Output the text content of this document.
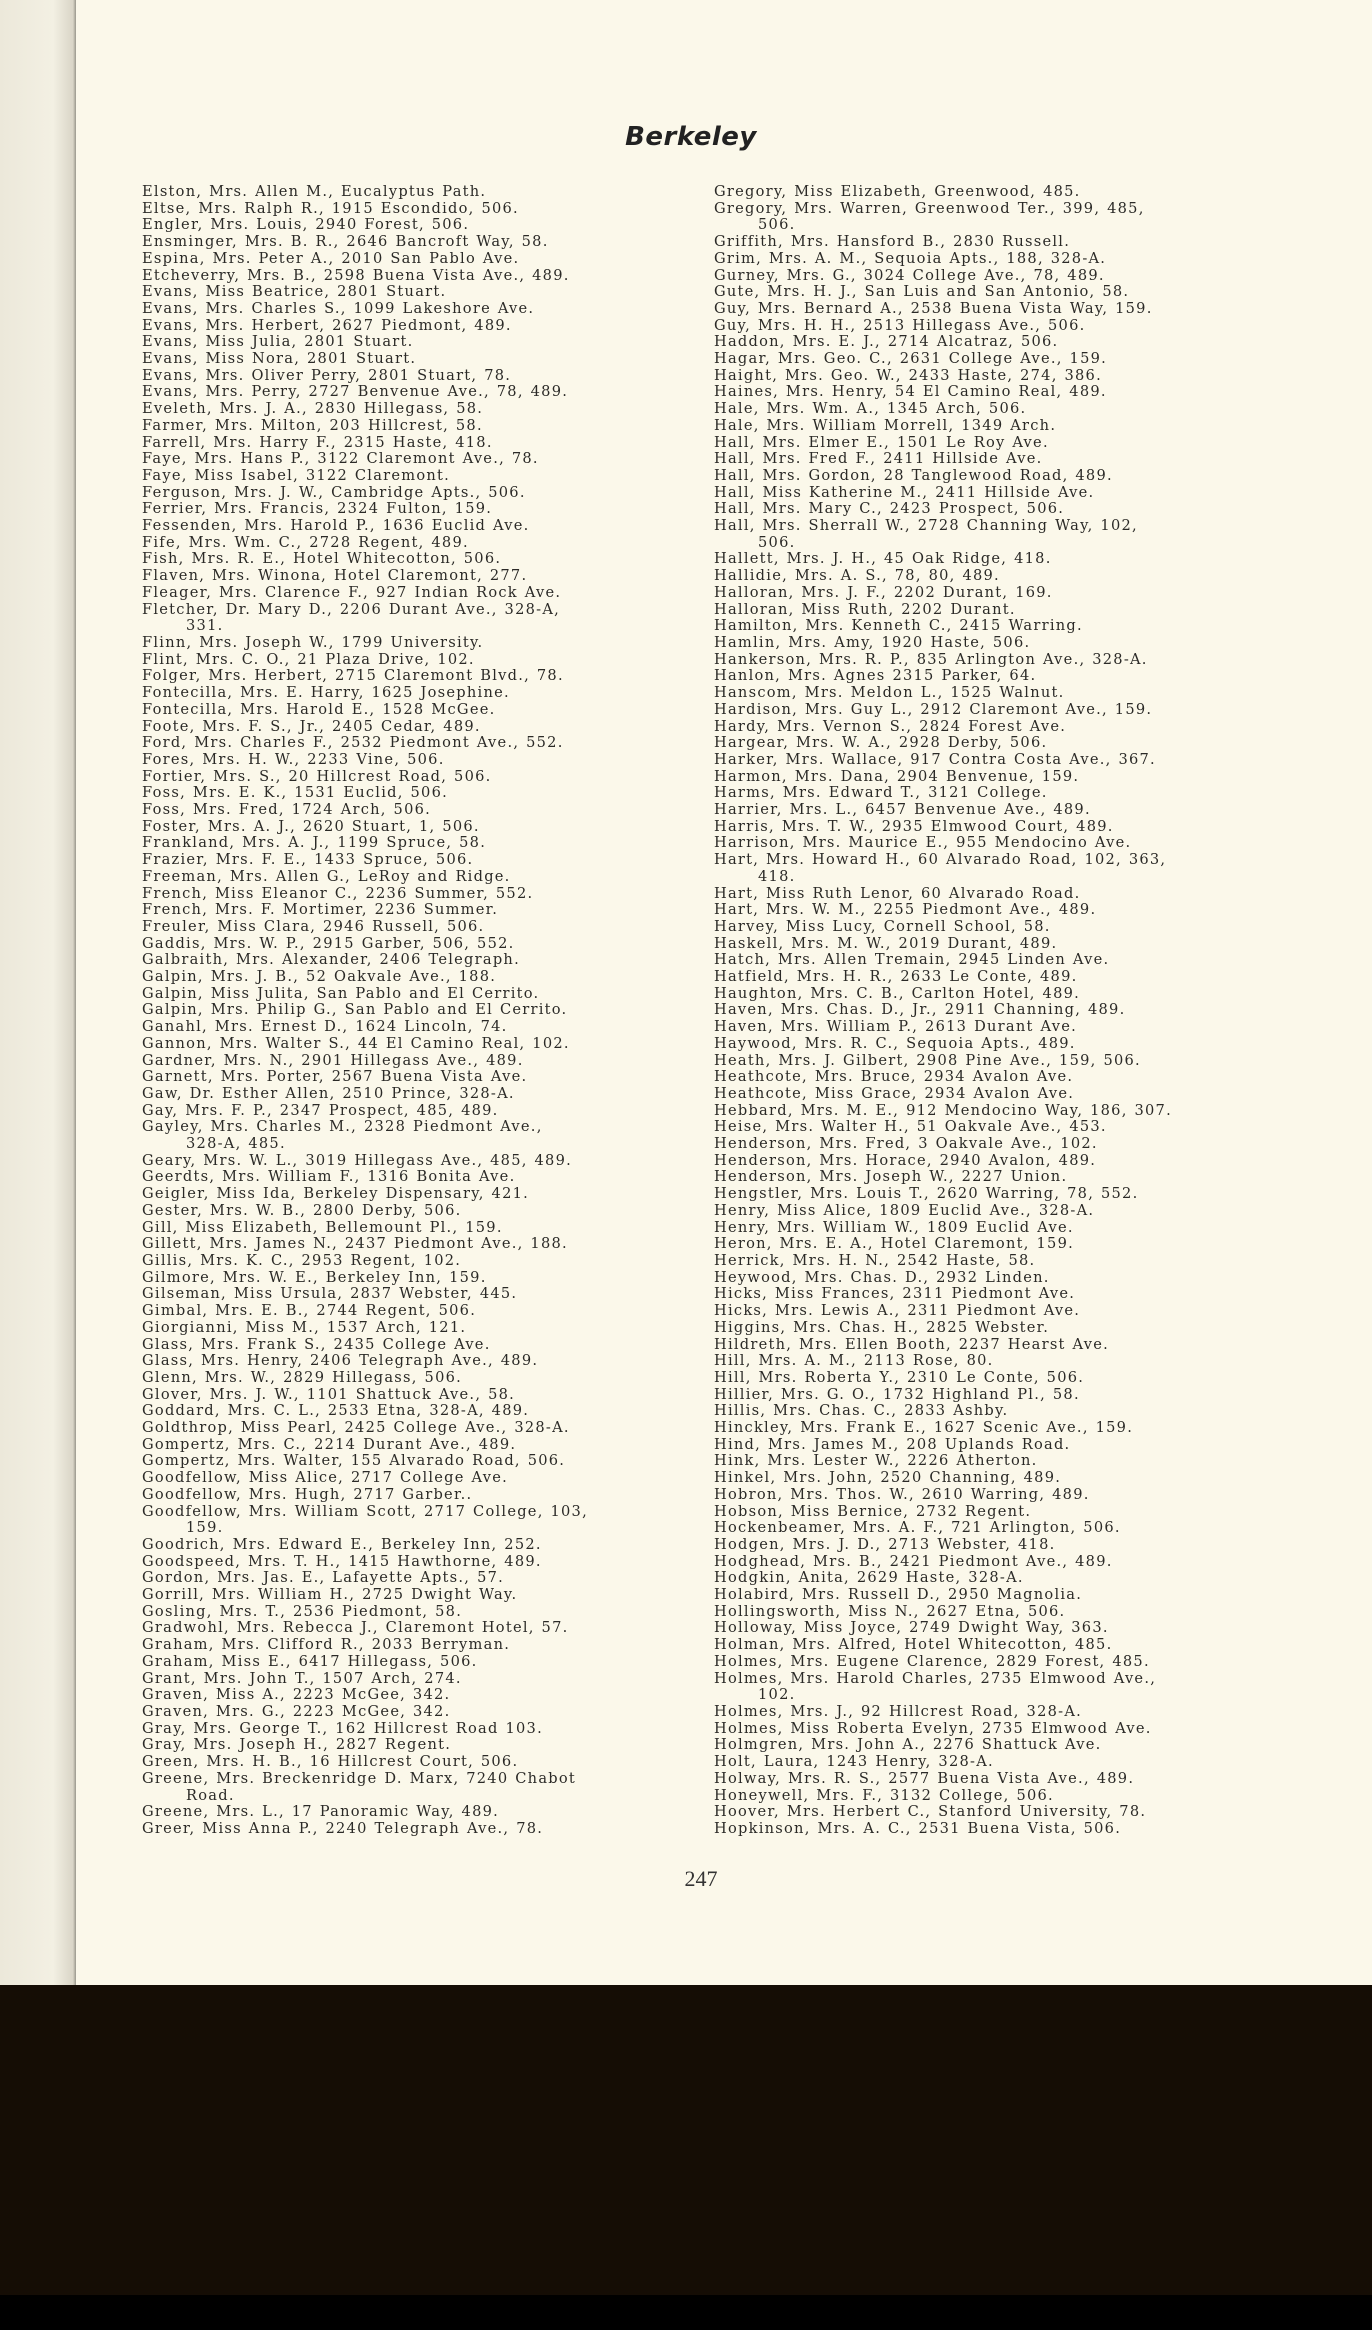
Berkeley
Elston, Mrs. Allen M., Eucalyptus Path.
Eltse, Mrs. Ralph R., 1915 Escondido, 506.
Engler, Mrs. Louis, 2940 Forest, 506.
Ensminger, Mrs. B. R., 2646 Bancroft Way, 58.
Espina, Mrs. Peter A., 2010 San Pablo Ave.
Etcheverry, Mrs. B., 2598 Buena Vista Ave., 489.
Evans, Miss Beatrice, 2801 Stuart.
Evans, Mrs. Charles S., 1099 Lakeshore Ave.
Evans, Mrs. Herbert, 2627 Piedmont, 489.
Evans, Miss Julia, 2801 Stuart.
Evans, Miss Nora, 2801 Stuart.
Evans, Mrs. Oliver Perry, 2801 Stuart, 78.
Evans, Mrs. Perry, 2727 Benvenue Ave., 78, 489.
Eveleth, Mrs. J. A., 2830 Hillegass, 58.
Farmer, Mrs. Milton, 203 Hillcrest, 58.
Farrell, Mrs. Harry F., 2315 Haste, 418.
Faye, Mrs. Hans P., 3122 Claremont Ave., 78.
Faye, Miss Isabel, 3122 Claremont.
Ferguson, Mrs. J. W., Cambridge Apts., 506.
Ferrier, Mrs. Francis, 2324 Fulton, 159.
Fessenden, Mrs. Harold P., 1636 Euclid Ave.
Fife, Mrs. Wm. C., 2728 Regent, 489.
Fish, Mrs. R. E., Hotel Whitecotton, 506.
Flaven, Mrs. Winona, Hotel Claremont, 277.
Fleager, Mrs. Clarence F., 927 Indian Rock Ave.
Fletcher, Dr. Mary D., 2206 Durant Ave., 328-A,
331.
Flinn, Mrs. Joseph W., 1799 University.
Flint, Mrs. C. O., 21 Plaza Drive, 102.
Folger, Mrs. Herbert, 2715 Claremont Blvd., 78.
Fontecilla, Mrs. E. Harry, 1625 Josephine.
Fontecilla, Mrs. Harold E., 1528 McGee.
Foote, Mrs. F. S., Jr., 2405 Cedar, 489.
Ford, Mrs. Charles F., 2532 Piedmont Ave., 552.
Fores, Mrs. H. W., 2233 Vine, 506.
Fortier, Mrs. S., 20 Hillcrest Road, 506.
Foss, Mrs. E. K., 1531 Euclid, 506.
Foss, Mrs. Fred, 1724 Arch, 506.
Foster, Mrs. A. J., 2620 Stuart, 1, 506.
Frankland, Mrs. A. J., 1199 Spruce, 58.
Frazier, Mrs. F. E., 1433 Spruce, 506.
Freeman, Mrs. Allen G., LeRoy and Ridge.
French, Miss Eleanor C., 2236 Summer, 552.
French, Mrs. F. Mortimer, 2236 Summer.
Freuler, Miss Clara, 2946 Russell, 506.
Gaddis, Mrs. W. P., 2915 Garber, 506, 552.
Galbraith, Mrs. Alexander, 2406 Telegraph.
Galpin, Mrs. J. B., 52 Oakvale Ave., 188.
Galpin, Miss Julita, San Pablo and El Cerrito.
Galpin, Mrs. Philip G., San Pablo and El Cerrito.
Ganahl, Mrs. Ernest D., 1624 Lincoln, 74.
Gannon, Mrs. Walter S., 44 El Camino Real, 102.
Gardner, Mrs. N., 2901 Hillegass Ave., 489.
Garnett, Mrs. Porter, 2567 Buena Vista Ave.
Gaw, Dr. Esther Allen, 2510 Prince, 328-A.
Gay, Mrs. F. P., 2347 Prospect, 485, 489.
Gayley, Mrs. Charles M., 2328 Piedmont Ave.,
328-A, 485.
Geary, Mrs. W. L., 3019 Hillegass Ave., 485, 489.
Geerdts, Mrs. William F., 1316 Bonita Ave.
Geigler, Miss Ida, Berkeley Dispensary, 421.
Gester, Mrs. W. B., 2800 Derby, 506.
Gill, Miss Elizabeth, Bellemount Pl., 159.
Gillett, Mrs. James N., 2437 Piedmont Ave., 188.
Gillis, Mrs. K. C., 2953 Regent, 102.
Gilmore, Mrs. W. E., Berkeley Inn, 159.
Gilseman, Miss Ursula, 2837 Webster, 445.
Gimbal, Mrs. E. B., 2744 Regent, 506.
Giorgianni, Miss M., 1537 Arch, 121.
Glass, Mrs. Frank S., 2435 College Ave.
Glass, Mrs. Henry, 2406 Telegraph Ave., 489.
Glenn, Mrs. W., 2829 Hillegass, 506.
Glover, Mrs. J. W., 1101 Shattuck Ave., 58.
Goddard, Mrs. C. L., 2533 Etna, 328-A, 489.
Goldthrop, Miss Pearl, 2425 College Ave., 328-A.
Gompertz, Mrs. C., 2214 Durant Ave., 489.
Gompertz, Mrs. Walter, 155 Alvarado Road, 506.
Goodfellow, Miss Alice, 2717 College Ave.
Goodfellow, Mrs. Hugh, 2717 Garber..
Goodfellow, Mrs. William Scott, 2717 College, 103,
159.
Goodrich, Mrs. Edward E., Berkeley Inn, 252.
Goodspeed, Mrs. T. H., 1415 Hawthorne, 489.
Gordon, Mrs. Jas. E., Lafayette Apts., 57.
Gorrill, Mrs. William H., 2725 Dwight Way.
Gosling, Mrs. T., 2536 Piedmont, 58.
Gradwohl, Mrs. Rebecca J., Claremont Hotel, 57.
Graham, Mrs. Clifford R., 2033 Berryman.
Graham, Miss E., 6417 Hillegass, 506.
Grant, Mrs. John T., 1507 Arch, 274.
Graven, Miss A., 2223 McGee, 342.
Graven, Mrs. G., 2223 McGee, 342.
Gray, Mrs. George T., 162 Hillcrest Road 103.
Gray, Mrs. Joseph H., 2827 Regent.
Green, Mrs. H. B., 16 Hillcrest Court, 506.
Greene, Mrs. Breckenridge D. Marx, 7240 Chabot
Road.
Greene, Mrs. L., 17 Panoramic Way, 489.
Greer, Miss Anna P., 2240 Telegraph Ave., 78.
Gregory, Miss Elizabeth, Greenwood, 485.
Gregory, Mrs. Warren, Greenwood Ter., 399, 485,
506.
Griffith, Mrs. Hansford B., 2830 Russell.
Grim, Mrs. A. M., Sequoia Apts., 188, 328-A.
Gurney, Mrs. G., 3024 College Ave., 78, 489.
Gute, Mrs. H. J., San Luis and San Antonio, 58.
Guy, Mrs. Bernard A., 2538 Buena Vista Way, 159.
Guy, Mrs. H. H., 2513 Hillegass Ave., 506.
Haddon, Mrs. E. J., 2714 Alcatraz, 506.
Hagar, Mrs. Geo. C., 2631 College Ave., 159.
Haight, Mrs. Geo. W., 2433 Haste, 274, 386.
Haines, Mrs. Henry, 54 El Camino Real, 489.
Hale, Mrs. Wm. A., 1345 Arch, 506.
Hale, Mrs. William Morrell, 1349 Arch.
Hall, Mrs. Elmer E., 1501 Le Roy Ave.
Hall, Mrs. Fred F., 2411 Hillside Ave.
Hall, Mrs. Gordon, 28 Tanglewood Road, 489.
Hall, Miss Katherine M., 2411 Hillside Ave.
Hall, Mrs. Mary C., 2423 Prospect, 506.
Hall, Mrs. Sherrall W., 2728 Channing Way, 102,
506.
Hallett, Mrs. J. H., 45 Oak Ridge, 418.
Hallidie, Mrs. A. S., 78, 80, 489.
Halloran, Mrs. J. F., 2202 Durant, 169.
Halloran, Miss Ruth, 2202 Durant.
Hamilton, Mrs. Kenneth C., 2415 Warring.
Hamlin, Mrs. Amy, 1920 Haste, 506.
Hankerson, Mrs. R. P., 835 Arlington Ave., 328-A.
Hanlon, Mrs. Agnes 2315 Parker, 64.
Hanscom, Mrs. Meldon L., 1525 Walnut.
Hardison, Mrs. Guy L., 2912 Claremont Ave., 159.
Hardy, Mrs. Vernon S., 2824 Forest Ave.
Hargear, Mrs. W. A., 2928 Derby, 506.
Harker, Mrs. Wallace, 917 Contra Costa Ave., 367.
Harmon, Mrs. Dana, 2904 Benvenue, 159.
Harms, Mrs. Edward T., 3121 College.
Harrier, Mrs. L., 6457 Benvenue Ave., 489.
Harris, Mrs. T. W., 2935 Elmwood Court, 489.
Harrison, Mrs. Maurice E., 955 Mendocino Ave.
Hart, Mrs. Howard H., 60 Alvarado Road, 102, 363,
418.
Hart, Miss Ruth Lenor, 60 Alvarado Road.
Hart, Mrs. W. M., 2255 Piedmont Ave., 489.
Harvey, Miss Lucy, Cornell School, 58.
Haskell, Mrs. M. W., 2019 Durant, 489.
Hatch, Mrs. Allen Tremain, 2945 Linden Ave.
Hatfield, Mrs. H. R., 2633 Le Conte, 489.
Haughton, Mrs. C. B., Carlton Hotel, 489.
Haven, Mrs. Chas. D., Jr., 2911 Channing, 489.
Haven, Mrs. William P., 2613 Durant Ave.
Haywood, Mrs. R. C., Sequoia Apts., 489.
Heath, Mrs. J. Gilbert, 2908 Pine Ave., 159, 506.
Heathcote, Mrs. Bruce, 2934 Avalon Ave.
Heathcote, Miss Grace, 2934 Avalon Ave.
Hebbard, Mrs. M. E., 912 Mendocino Way, 186, 307.
Heise, Mrs. Walter H., 51 Oakvale Ave., 453.
Henderson, Mrs. Fred, 3 Oakvale Ave., 102.
Henderson, Mrs. Horace, 2940 Avalon, 489.
Henderson, Mrs. Joseph W., 2227 Union.
Hengstler, Mrs. Louis T., 2620 Warring, 78, 552.
Henry, Miss Alice, 1809 Euclid Ave., 328-A.
Henry, Mrs. William W., 1809 Euclid Ave.
Heron, Mrs. E. A., Hotel Claremont, 159.
Herrick, Mrs. H. N., 2542 Haste, 58.
Heywood, Mrs. Chas. D., 2932 Linden.
Hicks, Miss Frances, 2311 Piedmont Ave.
Hicks, Mrs. Lewis A., 2311 Piedmont Ave.
Higgins, Mrs. Chas. H., 2825 Webster.
Hildreth, Mrs. Ellen Booth, 2237 Hearst Ave.
Hill, Mrs. A. M., 2113 Rose, 80.
Hill, Mrs. Roberta Y., 2310 Le Conte, 506.
Hillier, Mrs. G. O., 1732 Highland Pl., 58.
Hillis, Mrs. Chas. C., 2833 Ashby.
Hinckley, Mrs. Frank E., 1627 Scenic Ave., 159.
Hind, Mrs. James M., 208 Uplands Road.
Hink, Mrs. Lester W., 2226 Atherton.
Hinkel, Mrs. John, 2520 Channing, 489.
Hobron, Mrs. Thos. W., 2610 Warring, 489.
Hobson, Miss Bernice, 2732 Regent.
Hockenbeamer, Mrs. A. F., 721 Arlington, 506.
Hodgen, Mrs. J. D., 2713 Webster, 418.
Hodghead, Mrs. B., 2421 Piedmont Ave., 489.
Hodgkin, Anita, 2629 Haste, 328-A.
Holabird, Mrs. Russell D., 2950 Magnolia.
Hollingsworth, Miss N., 2627 Etna, 506.
Holloway, Miss Joyce, 2749 Dwight Way, 363.
Holman, Mrs. Alfred, Hotel Whitecotton, 485.
Holmes, Mrs. Eugene Clarence, 2829 Forest, 485.
Holmes, Mrs. Harold Charles, 2735 Elmwood Ave.,
102.
Holmes, Mrs. J., 92 Hillcrest Road, 328-A.
Holmes, Miss Roberta Evelyn, 2735 Elmwood Ave.
Holmgren, Mrs. John A., 2276 Shattuck Ave.
Holt, Laura, 1243 Henry, 328-A.
Holway, Mrs. R. S., 2577 Buena Vista Ave., 489.
Honeywell, Mrs. F., 3132 College, 506.
Hoover, Mrs. Herbert C., Stanford University, 78.
Hopkinson, Mrs. A. C., 2531 Buena Vista, 506.
247
